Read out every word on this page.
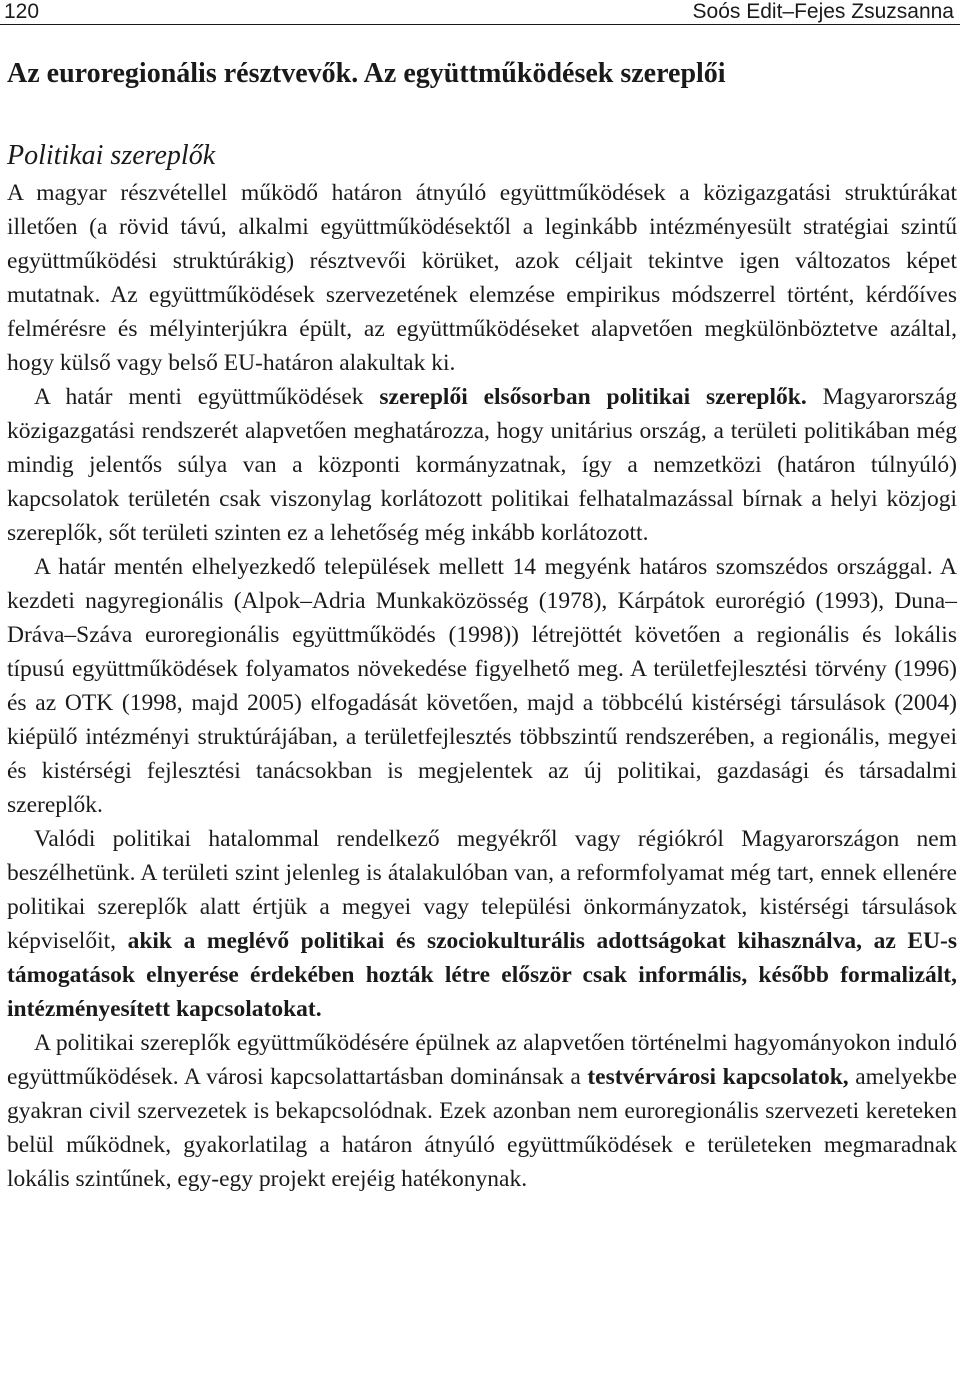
120	Soós Edit–Fejes Zsuzsanna
Az euroregionális résztvevők. Az együttműködések szereplői
Politikai szereplők

A magyar részvétellel működő határon átnyúló együttműködések a közigazgatási struktúrákat illetően (a rövid távú, alkalmi együttműködésektől a leginkább intézményesült stratégiai szintű együttműködési struktúrákig) résztvevői körüket, azok céljait tekintve igen változatos képet mutatnak. Az együttműködések szervezetének elemzése empirikus módszerrel történt, kérdőíves felmérésre és mélyinterjúkra épült, az együttműködéseket alapvetően megkülönböztetve azáltal, hogy külső vagy belső EU-határon alakultak ki.

A határ menti együttműködések szereplői elsősorban politikai szereplők. Magyarország közigazgatási rendszerét alapvetően meghatározza, hogy unitárius ország, a területi politikában még mindig jelentős súlya van a központi kormányzatnak, így a nemzetközi (határon túlnyúló) kapcsolatok területén csak viszonylag korlátozott politikai felhatalmazással bírnak a helyi közjogi szereplők, sőt területi szinten ez a lehetőség még inkább korlátozott.

A határ mentén elhelyezkedő települések mellett 14 megyénk határos szomszédos országgal. A kezdeti nagyregionális (Alpok–Adria Munkaközösség (1978), Kárpátok eurorégió (1993), Duna–Dráva–Száva euroregionális együttműködés (1998)) létrejöttét követően a regionális és lokális típusú együttműködések folyamatos növekedése figyelhető meg. A területfejlesztési törvény (1996) és az OTK (1998, majd 2005) elfogadását követően, majd a többcélú kistérségi társulások (2004) kiépülő intézményi struktúrájában, a területfejlesztés többszintű rendszerében, a regionális, megyei és kistérségi fejlesztési tanácsokban is megjelentek az új politikai, gazdasági és társadalmi szereplők.

Valódi politikai hatalommal rendelkező megyékről vagy régiókról Magyarországon nem beszélhetünk. A területi szint jelenleg is átalakulóban van, a reformfolyamat még tart, ennek ellenére politikai szereplők alatt értjük a megyei vagy települési önkormányzatok, kistérségi társulások képviselőit, akik a meglévő politikai és szociokulturális adottságokat kihasználva, az EU-s támogatások elnyerése érdekében hozták létre először csak informális, később formalizált, intézményesített kapcsolatokat.

A politikai szereplők együttműködésére épülnek az alapvetően történelmi hagyományokon induló együttműködések. A városi kapcsolattartásban dominánsak a testvérvárosi kapcsolatok, amelyekbe gyakran civil szervezetek is bekapcsolódnak. Ezek azonban nem euroregionális szervezeti kereteken belül működnek, gyakorlatilag a határon átnyúló együttműködések e területeken megmaradnak lokális szintűnek, egy-egy projekt erejéig hatékonynak.
